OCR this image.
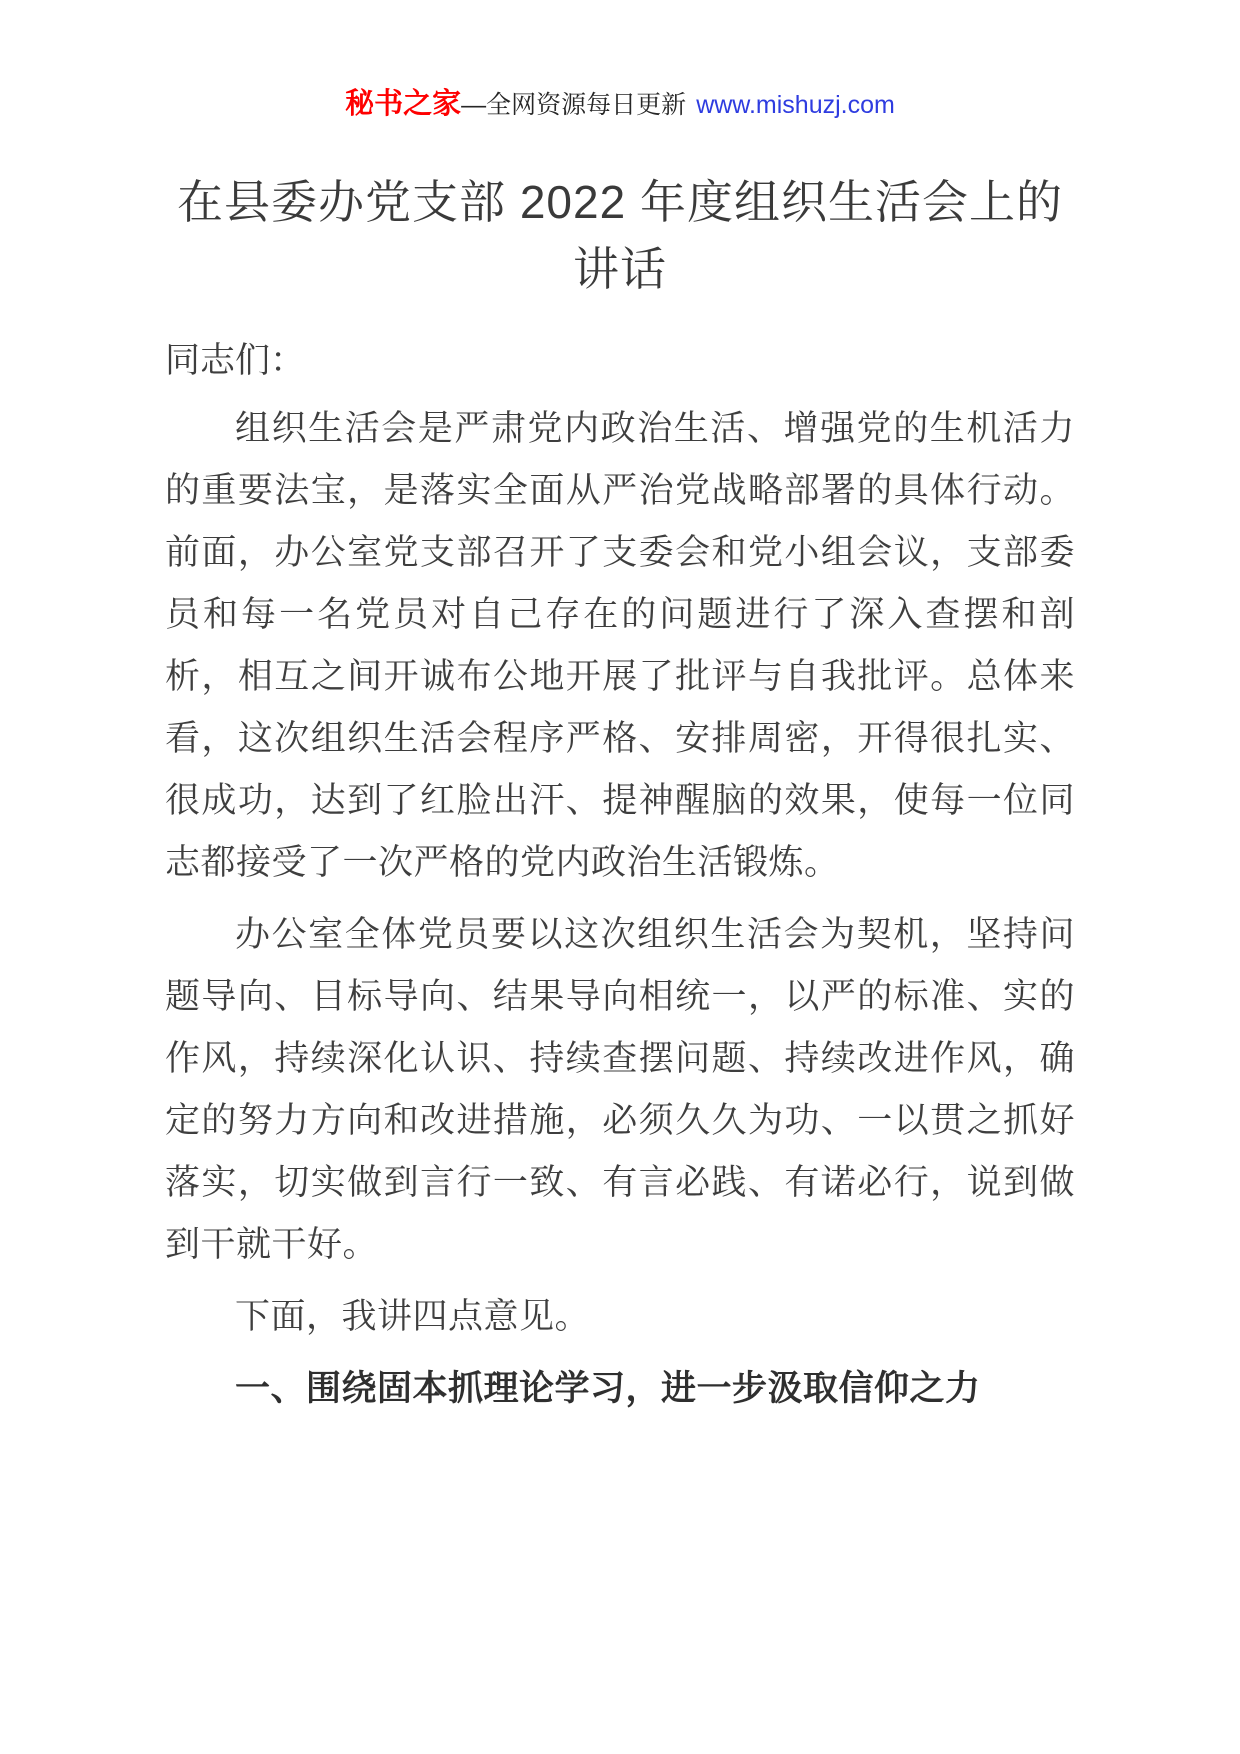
秘书之家—全网资源每日更新 www.mishuzj.com
在县委办党支部 2022 年度组织生活会上的讲话

同志们：

组织生活会是严肃党内政治生活、增强党的生机活力的重要法宝，是落实全面从严治党战略部署的具体行动。前面，办公室党支部召开了支委会和党小组会议，支部委员和每一名党员对自己存在的问题进行了深入查摆和剖析，相互之间开诚布公地开展了批评与自我批评。总体来看，这次组织生活会程序严格、安排周密，开得很扎实、很成功，达到了红脸出汗、提神醒脑的效果，使每一位同志都接受了一次严格的党内政治生活锻炼。

办公室全体党员要以这次组织生活会为契机，坚持问题导向、目标导向、结果导向相统一，以严的标准、实的作风，持续深化认识、持续查摆问题、持续改进作风，确定的努力方向和改进措施，必须久久为功、一以贯之抓好落实，切实做到言行一致、有言必践、有诺必行，说到做到干就干好。

下面，我讲四点意见。

一、围绕固本抓理论学习，进一步汲取信仰之力
